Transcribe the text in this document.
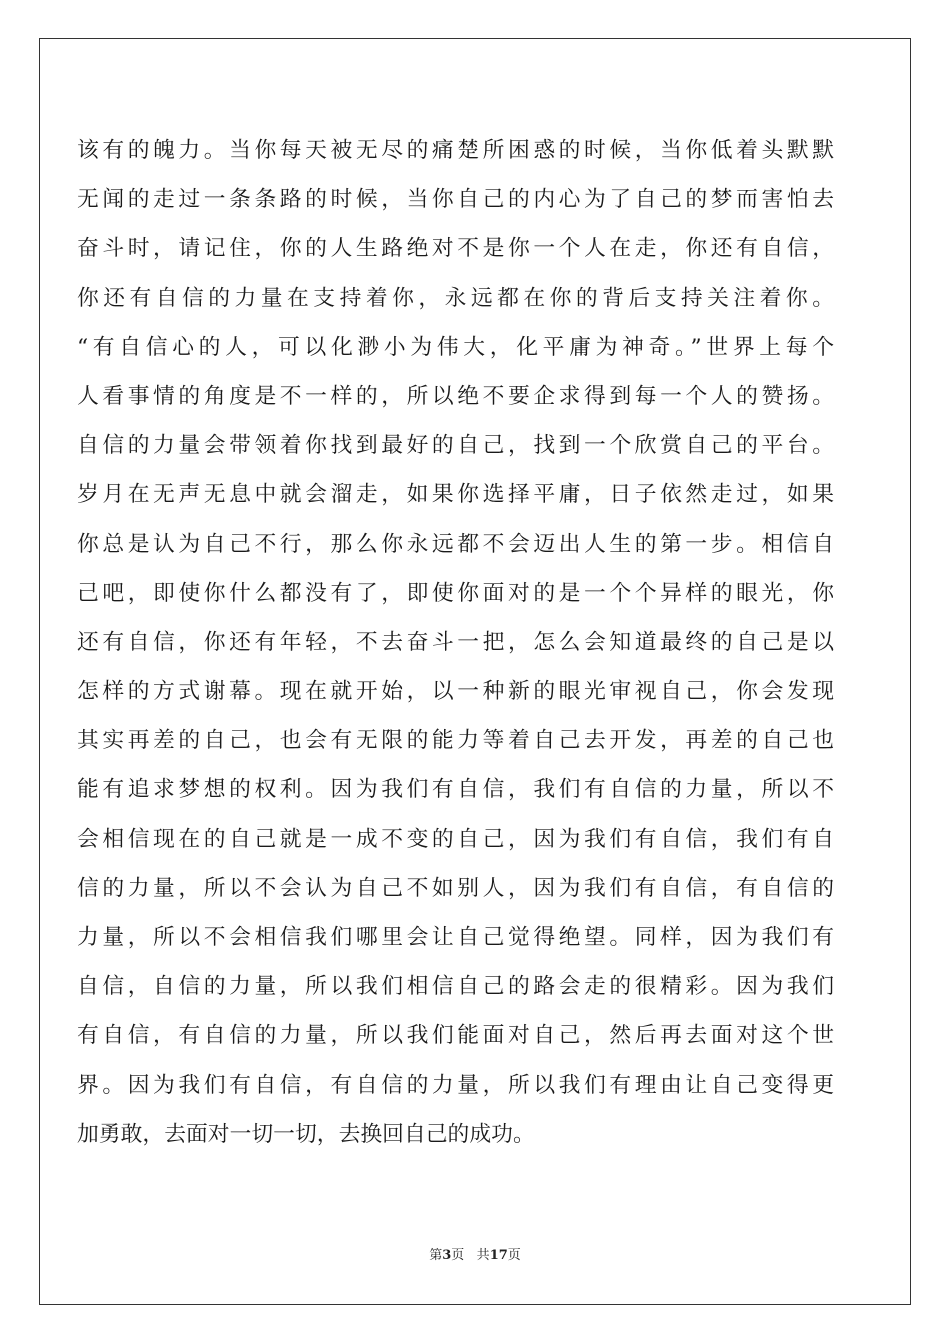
该有的魄力。当你每天被无尽的痛楚所困惑的时候，当你低着头默默
无闻的走过一条条路的时候，当你自己的内心为了自己的梦而害怕去
奋斗时，请记住，你的人生路绝对不是你一个人在走，你还有自信，
你还有自信的力量在支持着你，永远都在你的背后支持关注着你。
“有自信心的人，可以化渺小为伟大，化平庸为神奇。”世界上每个
人看事情的角度是不一样的，所以绝不要企求得到每一个人的赞扬。
自信的力量会带领着你找到最好的自己，找到一个欣赏自己的平台。
岁月在无声无息中就会溜走，如果你选择平庸，日子依然走过，如果
你总是认为自己不行，那么你永远都不会迈出人生的第一步。相信自
己吧，即使你什么都没有了，即使你面对的是一个个异样的眼光，你
还有自信，你还有年轻，不去奋斗一把，怎么会知道最终的自己是以
怎样的方式谢幕。现在就开始，以一种新的眼光审视自己，你会发现
其实再差的自己，也会有无限的能力等着自己去开发，再差的自己也
能有追求梦想的权利。因为我们有自信，我们有自信的力量，所以不
会相信现在的自己就是一成不变的自己，因为我们有自信，我们有自
信的力量，所以不会认为自己不如别人，因为我们有自信，有自信的
力量，所以不会相信我们哪里会让自己觉得绝望。同样，因为我们有
自信，自信的力量，所以我们相信自己的路会走的很精彩。因为我们
有自信，有自信的力量，所以我们能面对自己，然后再去面对这个世
界。因为我们有自信，有自信的力量，所以我们有理由让自己变得更
加勇敢，去面对一切一切，去换回自己的成功。
第3页 共17页
